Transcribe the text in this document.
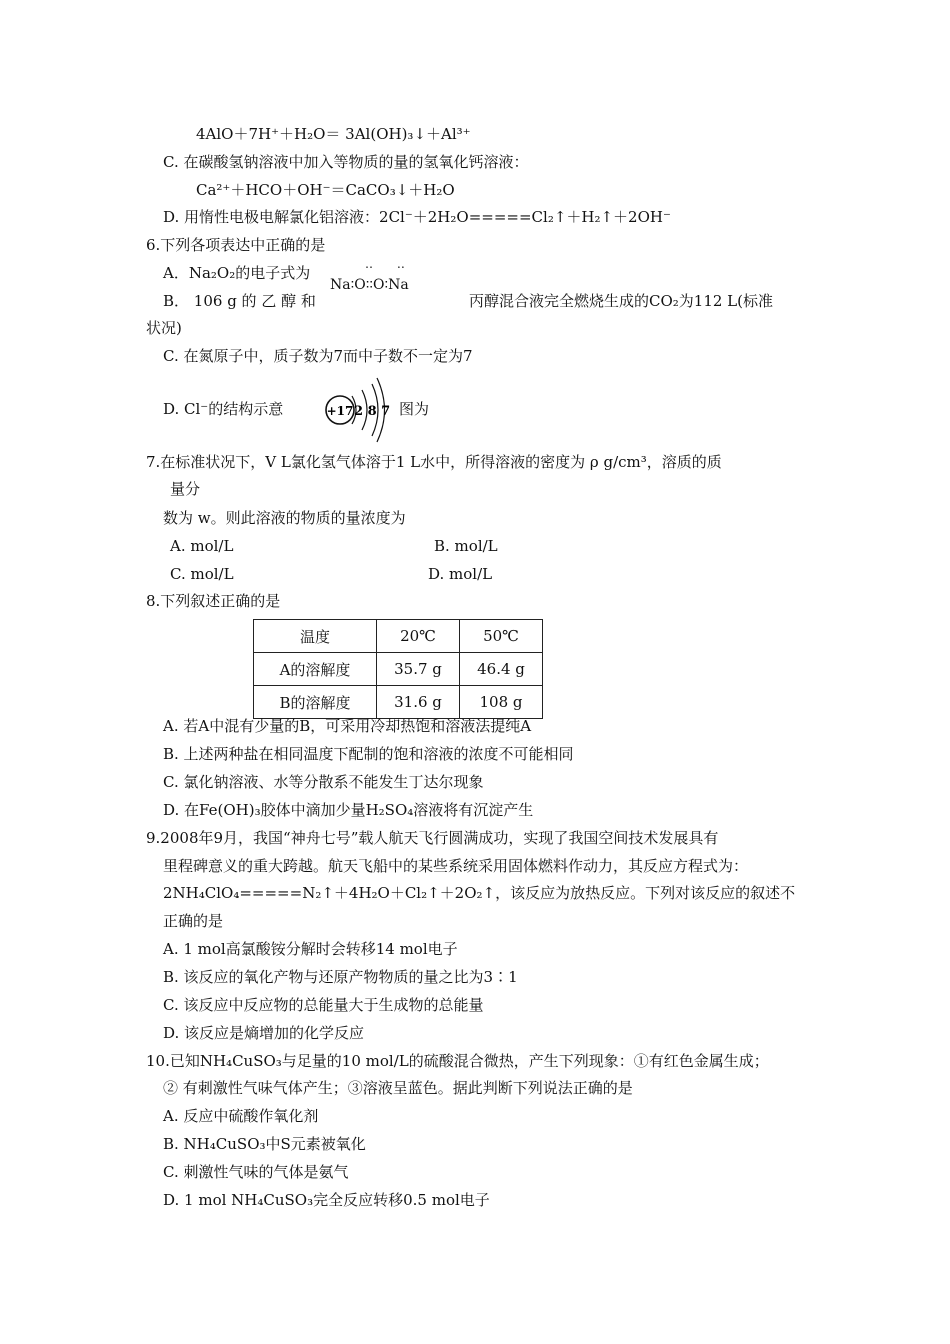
4AlO＋7H⁺＋H₂O＝ 3Al(OH)₃↓＋Al³⁺
C. 在碳酸氢钠溶液中加入等物质的量的氢氧化钙溶液：
Ca²⁺＋HCO＋OH⁻＝CaCO₃↓＋H₂O
D. 用惰性电极电解氯化铝溶液：2Cl⁻＋2H₂O=====Cl₂↑＋H₂↑＋2OH⁻
6.下列各项表达中正确的是
A．Na₂O₂的电子式为	‥ ‥
Na∶O∶∶O∶Na
B． 106 g 的 乙 醇 和	丙醇混合液完全燃烧生成的CO₂为112 L(标准
状况)
C. 在氮原子中，质子数为7而中子数不一定为7
D. Cl⁻的结构示意	+17 2 8 7 图为
7.在标准状况下，V L氯化氢气体溶于1 L水中，所得溶液的密度为 ρ g/cm³，溶质的质
量分
数为 w。则此溶液的物质的量浓度为
A. mol/L	B. mol/L
C. mol/L	D. mol/L
8.下列叙述正确的是
温度	20℃	50℃
A的溶解度	35.7 g	46.4 g
B的溶解度	31.6 g	108 g
A. 若A中混有少量的B，可采用冷却热饱和溶液法提纯A
B. 上述两种盐在相同温度下配制的饱和溶液的浓度不可能相同
C. 氯化钠溶液、水等分散系不能发生丁达尔现象
D. 在Fe(OH)₃胶体中滴加少量H₂SO₄溶液将有沉淀产生
9.2008年9月，我国“神舟七号”载人航天飞行圆满成功，实现了我国空间技术发展具有
里程碑意义的重大跨越。航天飞船中的某些系统采用固体燃料作动力，其反应方程式为：
2NH₄ClO₄=====N₂↑＋4H₂O＋Cl₂↑＋2O₂↑，该反应为放热反应。下列对该反应的叙述不
正确的是
A. 1 mol高氯酸铵分解时会转移14 mol电子
B. 该反应的氧化产物与还原产物物质的量之比为3∶1
C. 该反应中反应物的总能量大于生成物的总能量
D. 该反应是熵增加的化学反应
10.已知NH₄CuSO₃与足量的10 mol/L的硫酸混合微热，产生下列现象：①有红色金属生成；
② 有刺激性气味气体产生；③溶液呈蓝色。据此判断下列说法正确的是
A. 反应中硫酸作氧化剂
B. NH₄CuSO₃中S元素被氧化
C. 刺激性气味的气体是氨气
D. 1 mol NH₄CuSO₃完全反应转移0.5 mol电子
